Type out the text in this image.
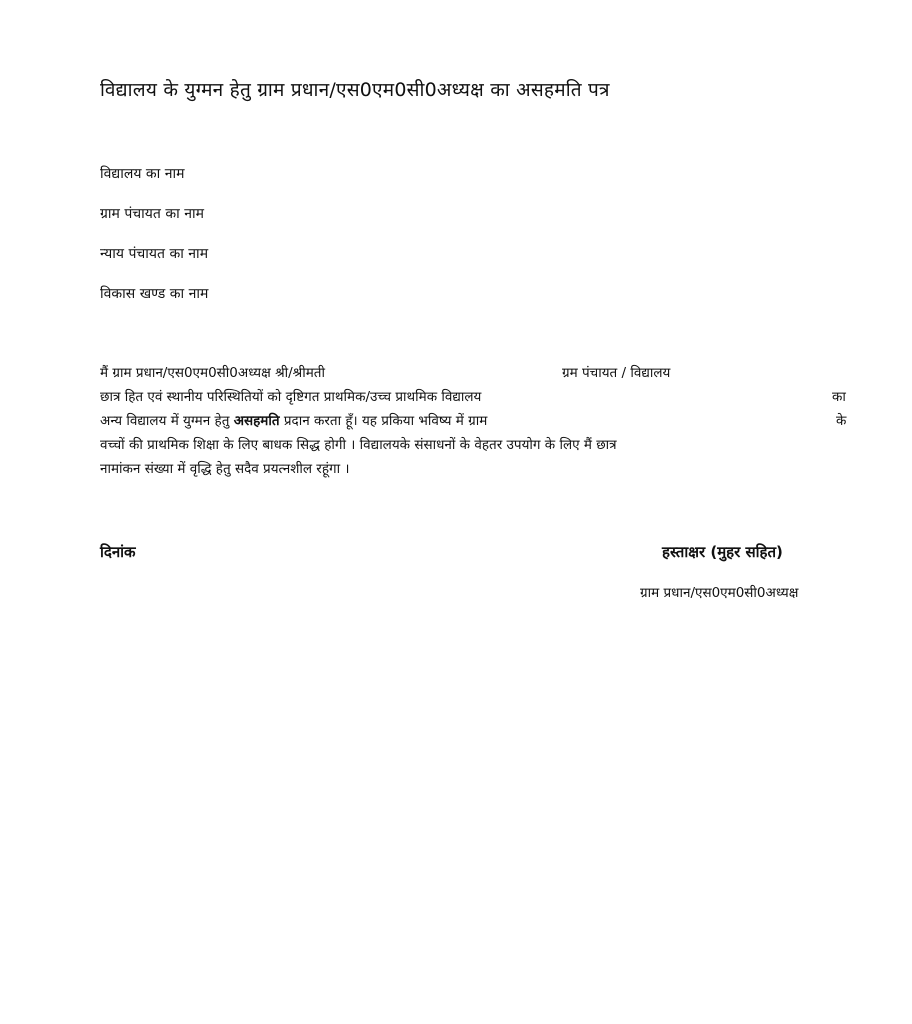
विद्यालय के युग्मन हेतु ग्राम प्रधान/एस0एम0सी0अध्यक्ष का असहमति पत्र
विद्यालय का नाम
ग्राम पंचायत का नाम
न्याय पंचायत का नाम
विकास खण्ड का नाम
मैं ग्राम प्रधान/एस0एम0सी0अध्यक्ष श्री/श्रीमती	ग्रम पंचायत / विद्यालय
छात्र हित एवं स्थानीय परिस्थितियों को दृष्टिगत प्राथमिक/उच्च प्राथमिक विद्यालय	का
अन्य विद्यालय में युग्मन हेतु असहमति प्रदान करता हूँ। यह प्रकिया भविष्य में ग्राम	के
वच्चों की प्राथमिक शिक्षा के लिए बाधक सिद्ध होगी । विद्यालयके संसाधनों के वेहतर उपयोग के लिए मैं छात्र
नामांकन संख्या में वृद्धि हेतु सदैव प्रयत्नशील रहूंगा ।
दिनांक	हस्ताक्षर (मुहर सहित)
ग्राम प्रधान/एस0एम0सी0अध्यक्ष
